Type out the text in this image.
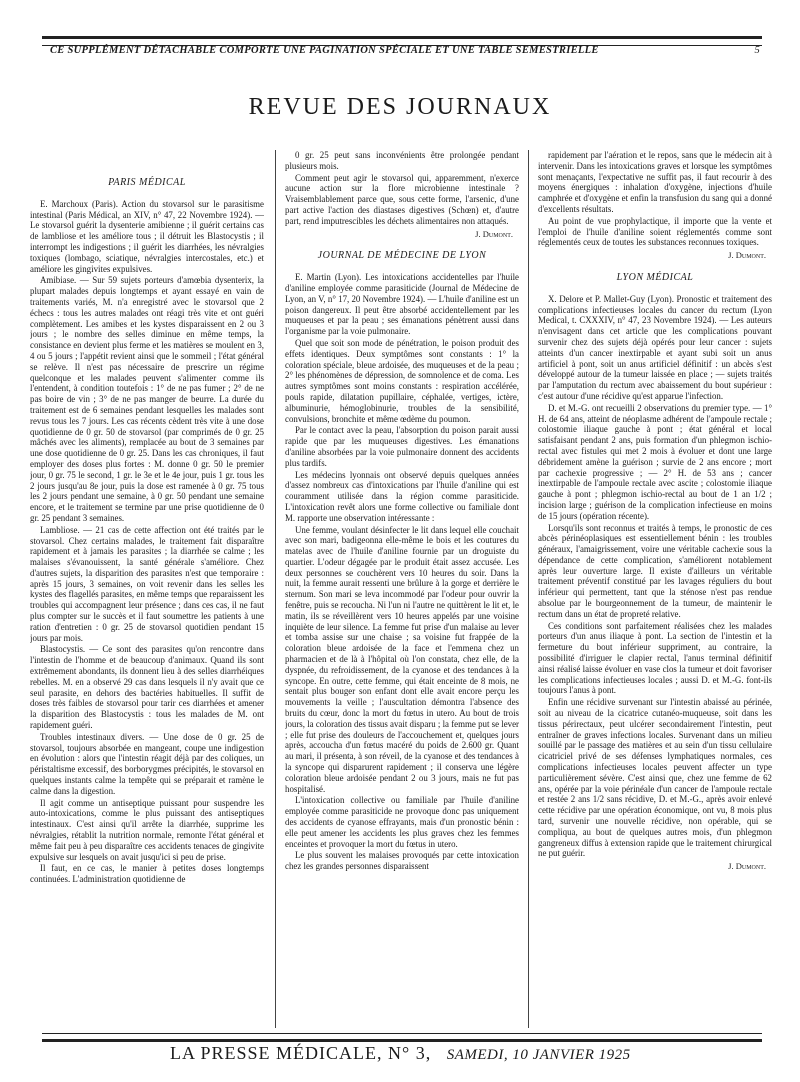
CE SUPPLÉMENT DÉTACHABLE COMPORTE UNE PAGINATION SPÉCIALE ET UNE TABLE SEMESTRIELLE	5
REVUE DES JOURNAUX
PARIS MÉDICAL

E. Marchoux (Paris). Action du stovarsol sur le parasitisme intestinal (Paris Médical, an XIV, n° 47, 22 Novembre 1924). — Le stovarsol guérit la dysenterie amibienne ; il guérit certains cas de lambliose et les améliore tous ; il détruit les Blastocystis ; il interrompt les indigestions ; il guérit les diarrhées, les névralgies toxiques (lombago, sciatique, névralgies intercostales, etc.) et améliore les gingivites expulsives.

Amibiase. — Sur 59 sujets porteurs d'amœbia dysenterix, la plupart malades depuis longtemps et ayant essayé en vain de traitements variés, M. n'a enregistré avec le stovarsol que 2 échecs : tous les autres malades ont réagi très vite et ont guéri complètement. Les amibes et les kystes disparaissent en 2 ou 3 jours ; le nombre des selles diminue en même temps, la consistance en devient plus ferme et les matières se moulent en 3, 4 ou 5 jours ; l'appétit revient ainsi que le sommeil ; l'état général se relève. Il n'est pas nécessaire de prescrire un régime quelconque et les malades peuvent s'alimenter comme ils l'entendent, à condition toutefois : 1° de ne pas fumer ; 2° de ne pas boire de vin ; 3° de ne pas manger de beurre. La durée du traitement est de 6 semaines pendant lesquelles les malades sont revus tous les 7 jours. Les cas récents cèdent très vite à une dose quotidienne de 0 gr. 50 de stovarsol (par comprimés de 0 gr. 25 mâchés avec les aliments), remplacée au bout de 3 semaines par une dose quotidienne de 0 gr. 25. Dans les cas chroniques, il faut employer des doses plus fortes : M. donne 0 gr. 50 le premier jour, 0 gr. 75 le second, 1 gr. le 3e et le 4e jour, puis 1 gr. tous les 2 jours jusqu'au 8e jour, puis la dose est ramenée à 0 gr. 75 tous les 2 jours pendant une semaine, à 0 gr. 50 pendant une semaine encore, et le traitement se termine par une prise quotidienne de 0 gr. 25 pendant 3 semaines.

Lambliose. — 21 cas de cette affection ont été traités par le stovarsol. Chez certains malades, le traitement fait disparaître rapidement et à jamais les parasites ; la diarrhée se calme ; les malaises s'évanouissent, la santé générale s'améliore. Chez d'autres sujets, la disparition des parasites n'est que temporaire : après 15 jours, 3 semaines, on voit revenir dans les selles les kystes des flagellés parasites, en même temps que reparaissent les troubles qui accompagnent leur présence ; dans ces cas, il ne faut plus compter sur le succès et il faut soumettre les patients à une ration d'entretien : 0 gr. 25 de stovarsol quotidien pendant 15 jours par mois.

Blastocystis. — Ce sont des parasites qu'on rencontre dans l'intestin de l'homme et de beaucoup d'animaux. Quand ils sont extrêmement abondants, ils donnent lieu à des selles diarrhéiques rebelles. M. en a observé 29 cas dans lesquels il n'y avait que ce seul parasite, en dehors des bactéries habituelles. Il suffit de doses très faibles de stovarsol pour tarir ces diarrhées et amener la disparition des Blastocystis : tous les malades de M. ont rapidement guéri.

Troubles intestinaux divers. — Une dose de 0 gr. 25 de stovarsol, toujours absorbée en mangeant, coupe une indigestion en évolution : alors que l'intestin réagit déjà par des coliques, un péristaltisme excessif, des borborygmes précipités, le stovarsol en quelques instants calme la tempête qui se préparait et ramène le calme dans la digestion.

Il agit comme un antiseptique puissant pour suspendre les auto-intoxications, comme le plus puissant des antiseptiques intestinaux. C'est ainsi qu'il arrête la diarrhée, supprime les névralgies, rétablit la nutrition normale, remonte l'état général et même fait peu à peu disparaître ces accidents tenaces de gingivite expulsive sur lesquels on avait jusqu'ici si peu de prise.

Il faut, en ce cas, le manier à petites doses longtemps continuées. L'administration quotidienne de

0 gr. 25 peut sans inconvénients être prolongée pendant plusieurs mois.

Comment peut agir le stovarsol qui, apparemment, n'exerce aucune action sur la flore microbienne intestinale ? Vraisemblablement parce que, sous cette forme, l'arsenic, d'une part active l'action des diastases digestives (Schœn) et, d'autre part, rend imputrescibles les déchets alimentaires non attaqués.

J. Dumont.
JOURNAL DE MÉDECINE DE LYON

E. Martin (Lyon). Les intoxications accidentelles par l'huile d'aniline employée comme parasiticide (Journal de Médecine de Lyon, an V, n° 17, 20 Novembre 1924). — L'huile d'aniline est un poison dangereux. Il peut être absorbé accidentellement par les muqueuses et par la peau ; ses émanations pénètrent aussi dans l'organisme par la voie pulmonaire.

Quel que soit son mode de pénétration, le poison produit des effets identiques. Deux symptômes sont constants : 1° la coloration spéciale, bleue ardoisée, des muqueuses et de la peau ; 2° les phénomènes de dépression, de somnolence et de coma. Les autres symptômes sont moins constants : respiration accélérée, pouls rapide, dilatation pupillaire, céphalée, vertiges, ictère, albuminurie, hémoglobinurie, troubles de la sensibilité, convulsions, bronchite et même œdème du poumon.

Par le contact avec la peau, l'absorption du poison parait aussi rapide que par les muqueuses digestives. Les émanations d'aniline absorbées par la voie pulmonaire donnent des accidents plus tardifs.

Les médecins lyonnais ont observé depuis quelques années d'assez nombreux cas d'intoxications par l'huile d'aniline qui est couramment utilisée dans la région comme parasiticide. L'intoxication revêt alors une forme collective ou familiale dont M. rapporte une observation intéressante :

Une femme, voulant désinfecter le lit dans lequel elle couchait avec son mari, badigeonna elle-même le bois et les coutures du matelas avec de l'huile d'aniline fournie par un droguiste du quartier. L'odeur dégagée par le produit était assez accusée. Les deux personnes se couchèrent vers 10 heures du soir. Dans la nuit, la femme aurait ressenti une brûlure à la gorge et derrière le sternum. Son mari se leva incommodé par l'odeur pour ouvrir la fenêtre, puis se recoucha. Ni l'un ni l'autre ne quittèrent le lit et, le matin, ils se réveillèrent vers 10 heures appelés par une voisine inquiète de leur silence. La femme fut prise d'un malaise au lever et tomba assise sur une chaise ; sa voisine fut frappée de la coloration bleue ardoisée de la face et l'emmena chez un pharmacien et de là à l'hôpital où l'on constata, chez elle, de la dyspnée, du refroidissement, de la cyanose et des tendances à la syncope. En outre, cette femme, qui était enceinte de 8 mois, ne sentait plus bouger son enfant dont elle avait encore perçu les mouvements la veille ; l'auscultation démontra l'absence des bruits du cœur, donc la mort du fœtus in utero. Au bout de trois jours, la coloration des tissus avait disparu ; la femme put se lever ; elle fut prise des douleurs de l'accouchement et, quelques jours après, accoucha d'un fœtus macéré du poids de 2.600 gr. Quant au mari, il présenta, à son réveil, de la cyanose et des tendances à la syncope qui disparurent rapidement ; il conserva une légère coloration bleue ardoisée pendant 2 ou 3 jours, mais ne fut pas hospitalisé.

L'intoxication collective ou familiale par l'huile d'aniline employée comme parasiticide ne provoque donc pas uniquement des accidents de cyanose effrayants, mais d'un pronostic bénin : elle peut amener les accidents les plus graves chez les femmes enceintes et provoquer la mort du fœtus in utero.

Le plus souvent les malaises provoqués par cette intoxication chez les grandes personnes disparaissent

rapidement par l'aération et le repos, sans que le médecin ait à intervenir. Dans les intoxications graves et lorsque les symptômes sont menaçants, l'expectative ne suffit pas, il faut recourir à des moyens énergiques : inhalation d'oxygène, injections d'huile camphrée et d'oxygène et enfin la transfusion du sang qui a donné d'excellents résultats.

Au point de vue prophylactique, il importe que la vente et l'emploi de l'huile d'aniline soient réglementés comme sont réglementés ceux de toutes les substances reconnues toxiques.

J. Dumont.
LYON MÉDICAL

X. Delore et P. Mallet-Guy (Lyon). Pronostic et traitement des complications infectieuses locales du cancer du rectum (Lyon Medical, t. CXXXIV, n° 47, 23 Novembre 1924). — Les auteurs n'envisagent dans cet article que les complications pouvant survenir chez des sujets déjà opérés pour leur cancer : sujets atteints d'un cancer inextirpable et ayant subi soit un anus artificiel à pont, soit un anus artificiel définitif : un abcès s'est développé autour de la tumeur laissée en place ; — sujets traités par l'amputation du rectum avec abaissement du bout supérieur : c'est autour d'une récidive qu'est apparue l'infection.

D. et M.-G. ont recueilli 2 observations du premier type. — 1° H. de 64 ans, atteint de néoplasme adhérent de l'ampoule rectale ; colostomie iliaque gauche à pont ; état général et local satisfaisant pendant 2 ans, puis formation d'un phlegmon ischio-rectal avec fistules qui met 2 mois à évoluer et dont une large débridement amène la guérison ; survie de 2 ans encore ; mort par cachexie progressive ; — 2° H. de 53 ans ; cancer inextirpable de l'ampoule rectale avec ascite ; colostomie iliaque gauche à pont ; phlegmon ischio-rectal au bout de 1 an 1/2 ; incision large ; guérison de la complication infectieuse en moins de 15 jours (opération récente).

Lorsqu'ils sont reconnus et traités à temps, le pronostic de ces abcès périnéoplasiques est essentiellement bénin : les troubles généraux, l'amaigrissement, voire une véritable cachexie sous la dépendance de cette complication, s'améliorent notablement après leur ouverture large. Il existe d'ailleurs un véritable traitement préventif constitué par les lavages réguliers du bout inférieur qui permettent, tant que la sténose n'est pas rendue absolue par le bourgeonnement de la tumeur, de maintenir le rectum dans un état de propreté relative.

Ces conditions sont parfaitement réalisées chez les malades porteurs d'un anus iliaque à pont. La section de l'intestin et la fermeture du bout inférieur suppriment, au contraire, la possibilité d'irriguer le clapier rectal, l'anus terminal définitif ainsi réalisé laisse évoluer en vase clos la tumeur et doit favoriser les complications infectieuses locales ; aussi D. et M.-G. font-ils toujours l'anus à pont.

Enfin une récidive survenant sur l'intestin abaissé au périnée, soit au niveau de la cicatrice cutanéo-muqueuse, soit dans les tissus périrectaux, peut ulcérer secondairement l'intestin, peut entraîner de graves infections locales. Survenant dans un milieu souillé par le passage des matières et au sein d'un tissu cellulaire cicatriciel privé de ses défenses lymphatiques normales, ces complications infectieuses locales peuvent affecter un type particulièrement sévère. C'est ainsi que, chez une femme de 62 ans, opérée par la voie périnéale d'un cancer de l'ampoule rectale et restée 2 ans 1/2 sans récidive, D. et M.-G., après avoir enlevé cette récidive par une opération économique, ont vu, 8 mois plus tard, survenir une nouvelle récidive, non opérable, qui se compliqua, au bout de quelques autres mois, d'un phlegmon gangreneux diffus à extension rapide que le traitement chirurgical ne put guérir.

J. Dumont.
LA PRESSE MÉDICALE, N° 3, SAMEDI, 10 JANVIER 1925
